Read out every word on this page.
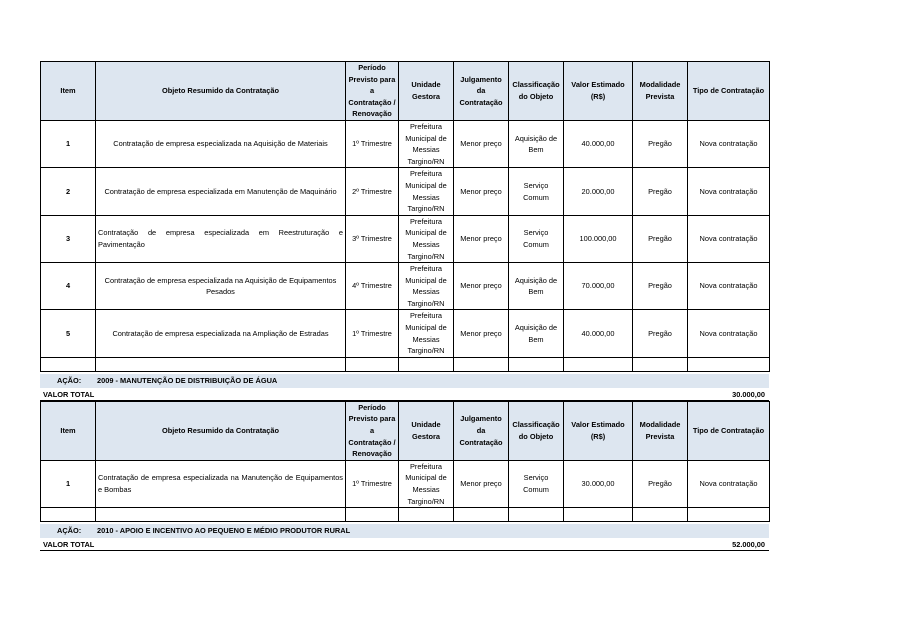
Item	Objeto Resumido da Contratação	Período Previsto para a Contratação / Renovação	Unidade Gestora	Julgamento da Contratação	Classificação do Objeto	Valor Estimado (R$)	Modalidade Prevista	Tipo de Contratação
1	Contratação de empresa especializada na Aquisição de Materiais	1º Trimestre	Prefeitura Municipal de Messias Targino/RN	Menor preço	Aquisição de Bem	40.000,00	Pregão	Nova contratação
2	Contratação de empresa especializada em Manutenção de Maquinário	2º Trimestre	Prefeitura Municipal de Messias Targino/RN	Menor preço	Serviço Comum	20.000,00	Pregão	Nova contratação
3	Contratação de empresa especializada em Reestruturação e Pavimentação	3º Trimestre	Prefeitura Municipal de Messias Targino/RN	Menor preço	Serviço Comum	100.000,00	Pregão	Nova contratação
4	Contratação de empresa especializada na Aquisição de Equipamentos Pesados	4º Trimestre	Prefeitura Municipal de Messias Targino/RN	Menor preço	Aquisição de Bem	70.000,00	Pregão	Nova contratação
5	Contratação de empresa especializada na Ampliação de Estradas	1º Trimestre	Prefeitura Municipal de Messias Targino/RN	Menor preço	Aquisição de Bem	40.000,00	Pregão	Nova contratação

AÇÃO: 2009 - MANUTENÇÃO DE DISTRIBUIÇÃO DE ÁGUA
VALOR TOTAL	30.000,00
Item	Objeto Resumido da Contratação	Período Previsto para a Contratação / Renovação	Unidade Gestora	Julgamento da Contratação	Classificação do Objeto	Valor Estimado (R$)	Modalidade Prevista	Tipo de Contratação
1	Contratação de empresa especializada na Manutenção de Equipamentos e Bombas	1º Trimestre	Prefeitura Municipal de Messias Targino/RN	Menor preço	Serviço Comum	30.000,00	Pregão	Nova contratação

AÇÃO: 2010 - APOIO E INCENTIVO AO PEQUENO E MÉDIO PRODUTOR RURAL
VALOR TOTAL	52.000,00
